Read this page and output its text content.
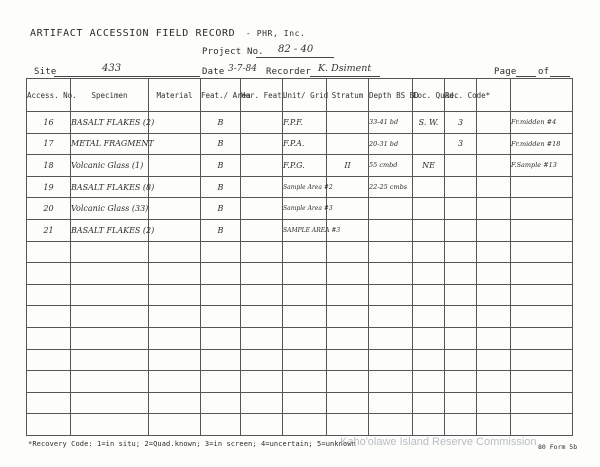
ARTIFACT ACCESSION FIELD RECORD - PHR, Inc.
Project No. 82 - 40
Site	433	Date 3-7-84 Recorder K. Dsiment	Page of
Access. No.	Specimen	Material	Feat./ Area	Hor. Feat.	Unit/ Grid	Stratum	Depth BS BD	Loc. Quad.	Rec. Code*		
16	BASALT FLAKES (2)		B		F.P.F.		33-41 bd	S. W.	3		Fr.midden #4
17	METAL FRAGMENT		B		F.P.A.		20-31 bd		3		Fr.midden #18
18	Volcanic Glass (1)		B		F.P.G.	II	55 cmbd	NE			F.Sample #13
19	BASALT FLAKES (8)		B		Sample Area #2		22-25 cmbs				
20	Volcanic Glass (33)		B		Sample Area #3						
21	BASALT FLAKES (2)		B		SAMPLE AREA #3						

*Recovery Code: 1=in situ; 2=Quad.known; 3=in screen; 4=uncertain; 5=unknown
Kaho'olawe Island Reserve Commission 80 Form 5b
